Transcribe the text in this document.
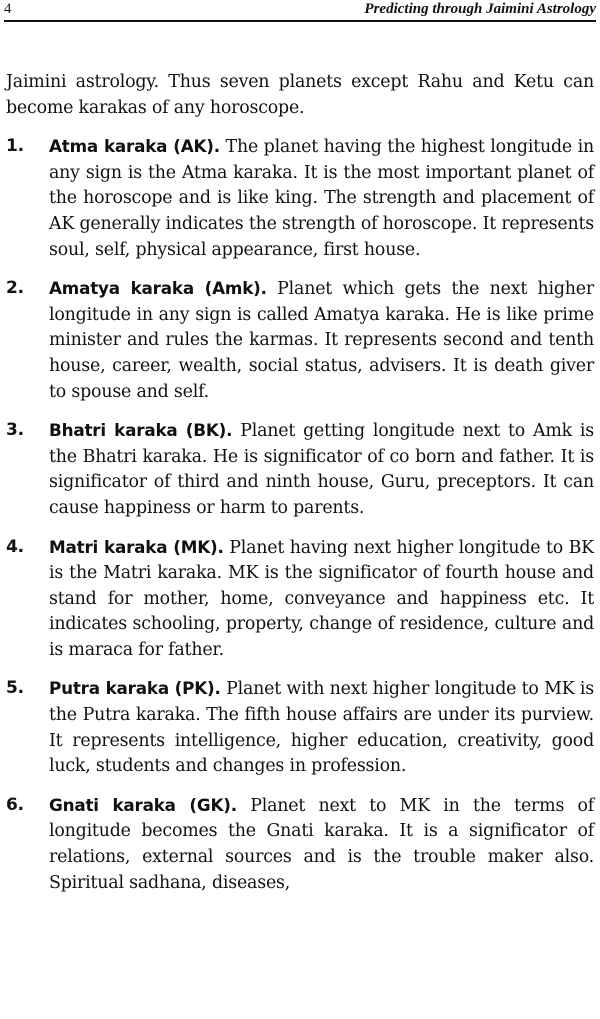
4	Predicting through Jaimini Astrology

Jaimini astrology. Thus seven planets except Rahu and Ketu can become karakas of any horoscope.

1.	Atma karaka (AK). The planet having the highest longitude in any sign is the Atma karaka. It is the most important planet of the horoscope and is like king. The strength and placement of AK generally indicates the strength of horoscope. It represents soul, self, physical appearance, first house.
2.	Amatya karaka (Amk). Planet which gets the next higher longitude in any sign is called Amatya karaka. He is like prime minister and rules the karmas. It represents second and tenth house, career, wealth, social status, advisers. It is death giver to spouse and self.
3.	Bhatri karaka (BK). Planet getting longitude next to Amk is the Bhatri karaka. He is significator of co born and father. It is significator of third and ninth house, Guru, preceptors. It can cause happiness or harm to parents.
4.	Matri karaka (MK). Planet having next higher longitude to BK is the Matri karaka. MK is the significator of fourth house and stand for mother, home, conveyance and happiness etc. It indicates schooling, property, change of residence, culture and is maraca for father.
5.	Putra karaka (PK). Planet with next higher longitude to MK is the Putra karaka. The fifth house affairs are under its purview. It represents intelligence, higher education, creativity, good luck, students and changes in profession.
6.	Gnati karaka (GK). Planet next to MK in the terms of longitude becomes the Gnati karaka. It is a significator of relations, external sources and is the trouble maker also. Spiritual sadhana, diseases,
